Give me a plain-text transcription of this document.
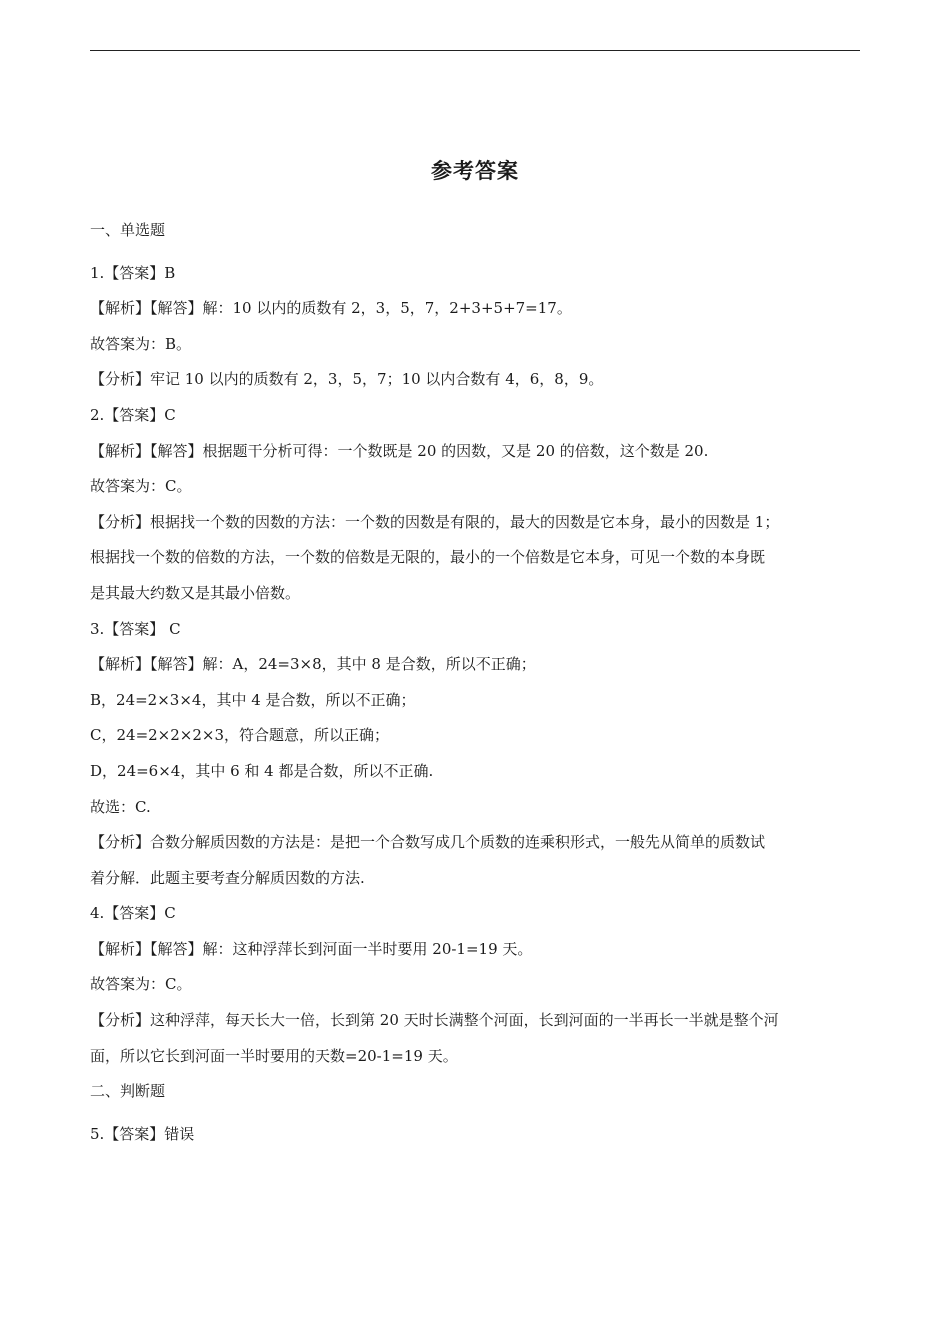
参考答案
一、单选题
1.【答案】B
【解析】【解答】解：10 以内的质数有 2，3，5，7，2+3+5+7=17。
故答案为：B。
【分析】牢记 10 以内的质数有 2，3，5，7；10 以内合数有 4，6，8，9。
2.【答案】C
【解析】【解答】根据题干分析可得：一个数既是 20 的因数，又是 20 的倍数，这个数是 20.
故答案为：C。
【分析】根据找一个数的因数的方法：一个数的因数是有限的，最大的因数是它本身，最小的因数是 1；
根据找一个数的倍数的方法，一个数的倍数是无限的，最小的一个倍数是它本身，可见一个数的本身既
是其最大约数又是其最小倍数。
3.【答案】 C
【解析】【解答】解：A，24=3×8，其中 8 是合数，所以不正确；
B，24=2×3×4，其中 4 是合数，所以不正确；
C，24=2×2×2×3，符合题意，所以正确；
D，24=6×4，其中 6 和 4 都是合数，所以不正确.
故选：C.
【分析】合数分解质因数的方法是：是把一个合数写成几个质数的连乘积形式，一般先从简单的质数试
着分解．此题主要考查分解质因数的方法.
4.【答案】C
【解析】【解答】解：这种浮萍长到河面一半时要用 20-1=19 天。
故答案为：C。
【分析】这种浮萍，每天长大一倍，长到第 20 天时长满整个河面，长到河面的一半再长一半就是整个河
面，所以它长到河面一半时要用的天数=20-1=19 天。
二、判断题
5.【答案】错误
